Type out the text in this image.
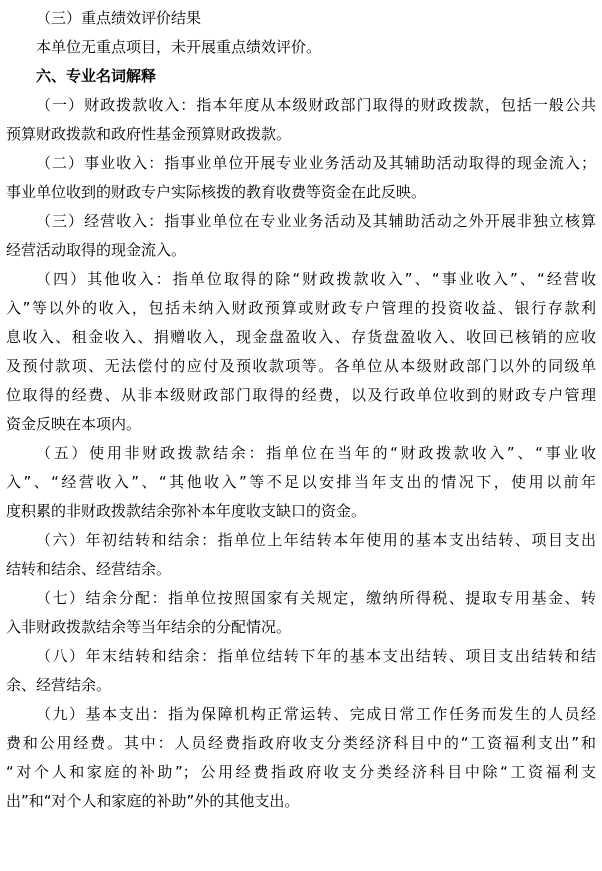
（三）重点绩效评价结果
本单位无重点项目，未开展重点绩效评价。
六、专业名词解释
（一）财政拨款收入：指本年度从本级财政部门取得的财政拨款，包括一般公共
预算财政拨款和政府性基金预算财政拨款。
（二）事业收入：指事业单位开展专业业务活动及其辅助活动取得的现金流入；
事业单位收到的财政专户实际核拨的教育收费等资金在此反映。
（三）经营收入：指事业单位在专业业务活动及其辅助活动之外开展非独立核算
经营活动取得的现金流入。
（四）其他收入：指单位取得的除“财政拨款收入”、“事业收入”、“经营收
入”等以外的收入，包括未纳入财政预算或财政专户管理的投资收益、银行存款利
息收入、租金收入、捐赠收入，现金盘盈收入、存货盘盈收入、收回已核销的应收
及预付款项、无法偿付的应付及预收款项等。各单位从本级财政部门以外的同级单
位取得的经费、从非本级财政部门取得的经费，以及行政单位收到的财政专户管理
资金反映在本项内。
（五）使用非财政拨款结余：指单位在当年的“财政拨款收入”、“事业收
入”、“经营收入”、“其他收入”等不足以安排当年支出的情况下，使用以前年
度积累的非财政拨款结余弥补本年度收支缺口的资金。
（六）年初结转和结余：指单位上年结转本年使用的基本支出结转、项目支出
结转和结余、经营结余。
（七）结余分配：指单位按照国家有关规定，缴纳所得税、提取专用基金、转
入非财政拨款结余等当年结余的分配情况。
（八）年末结转和结余：指单位结转下年的基本支出结转、项目支出结转和结
余、经营结余。
（九）基本支出：指为保障机构正常运转、完成日常工作任务而发生的人员经
费和公用经费。其中：人员经费指政府收支分类经济科目中的“工资福利支出”和
“对个人和家庭的补助”；公用经费指政府收支分类经济科目中除“工资福利支
出”和“对个人和家庭的补助”外的其他支出。
